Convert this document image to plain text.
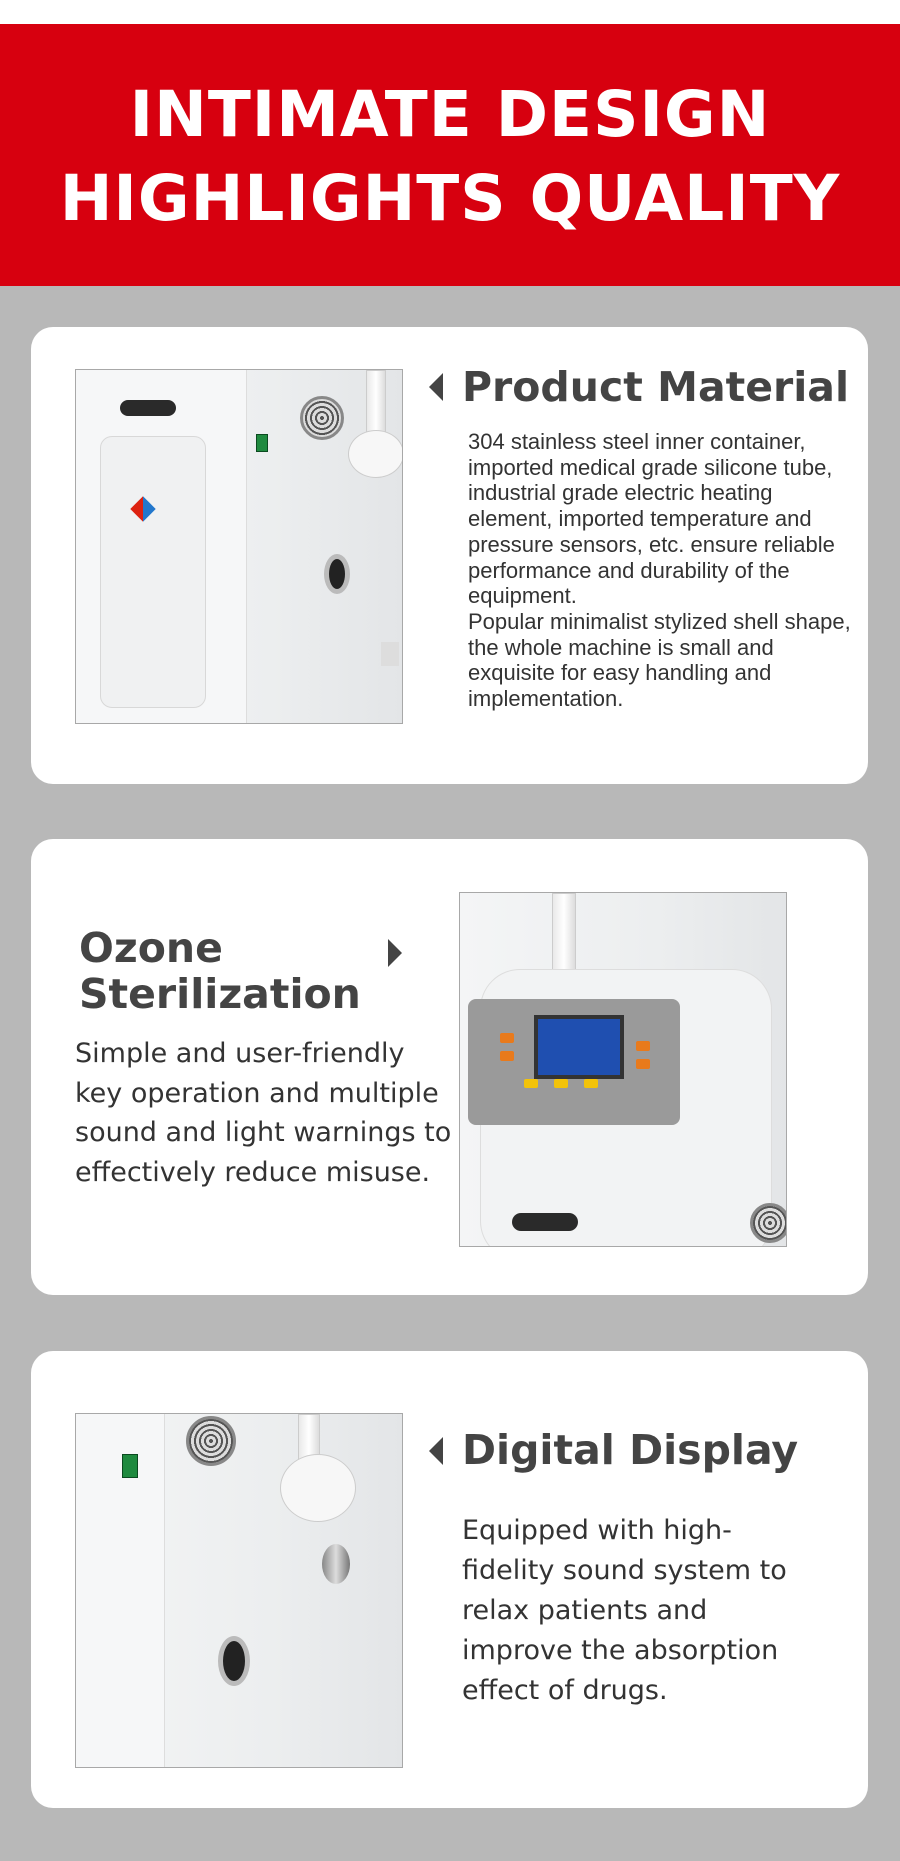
INTIMATE DESIGN
HIGHLIGHTS QUALITY
Product Material
304 stainless steel inner container, imported medical grade silicone tube, industrial grade electric heating element, imported temperature and pressure sensors, etc. ensure reliable performance and durability of the equipment.
Popular minimalist stylized shell shape, the whole machine is small and exquisite for easy handling and implementation.
Ozone
Sterilization
Simple and user-friendly key operation and multiple sound and light warnings to effectively reduce misuse.
Digital Display
Equipped with high-fidelity sound system to relax patients and improve the absorption effect of drugs.
